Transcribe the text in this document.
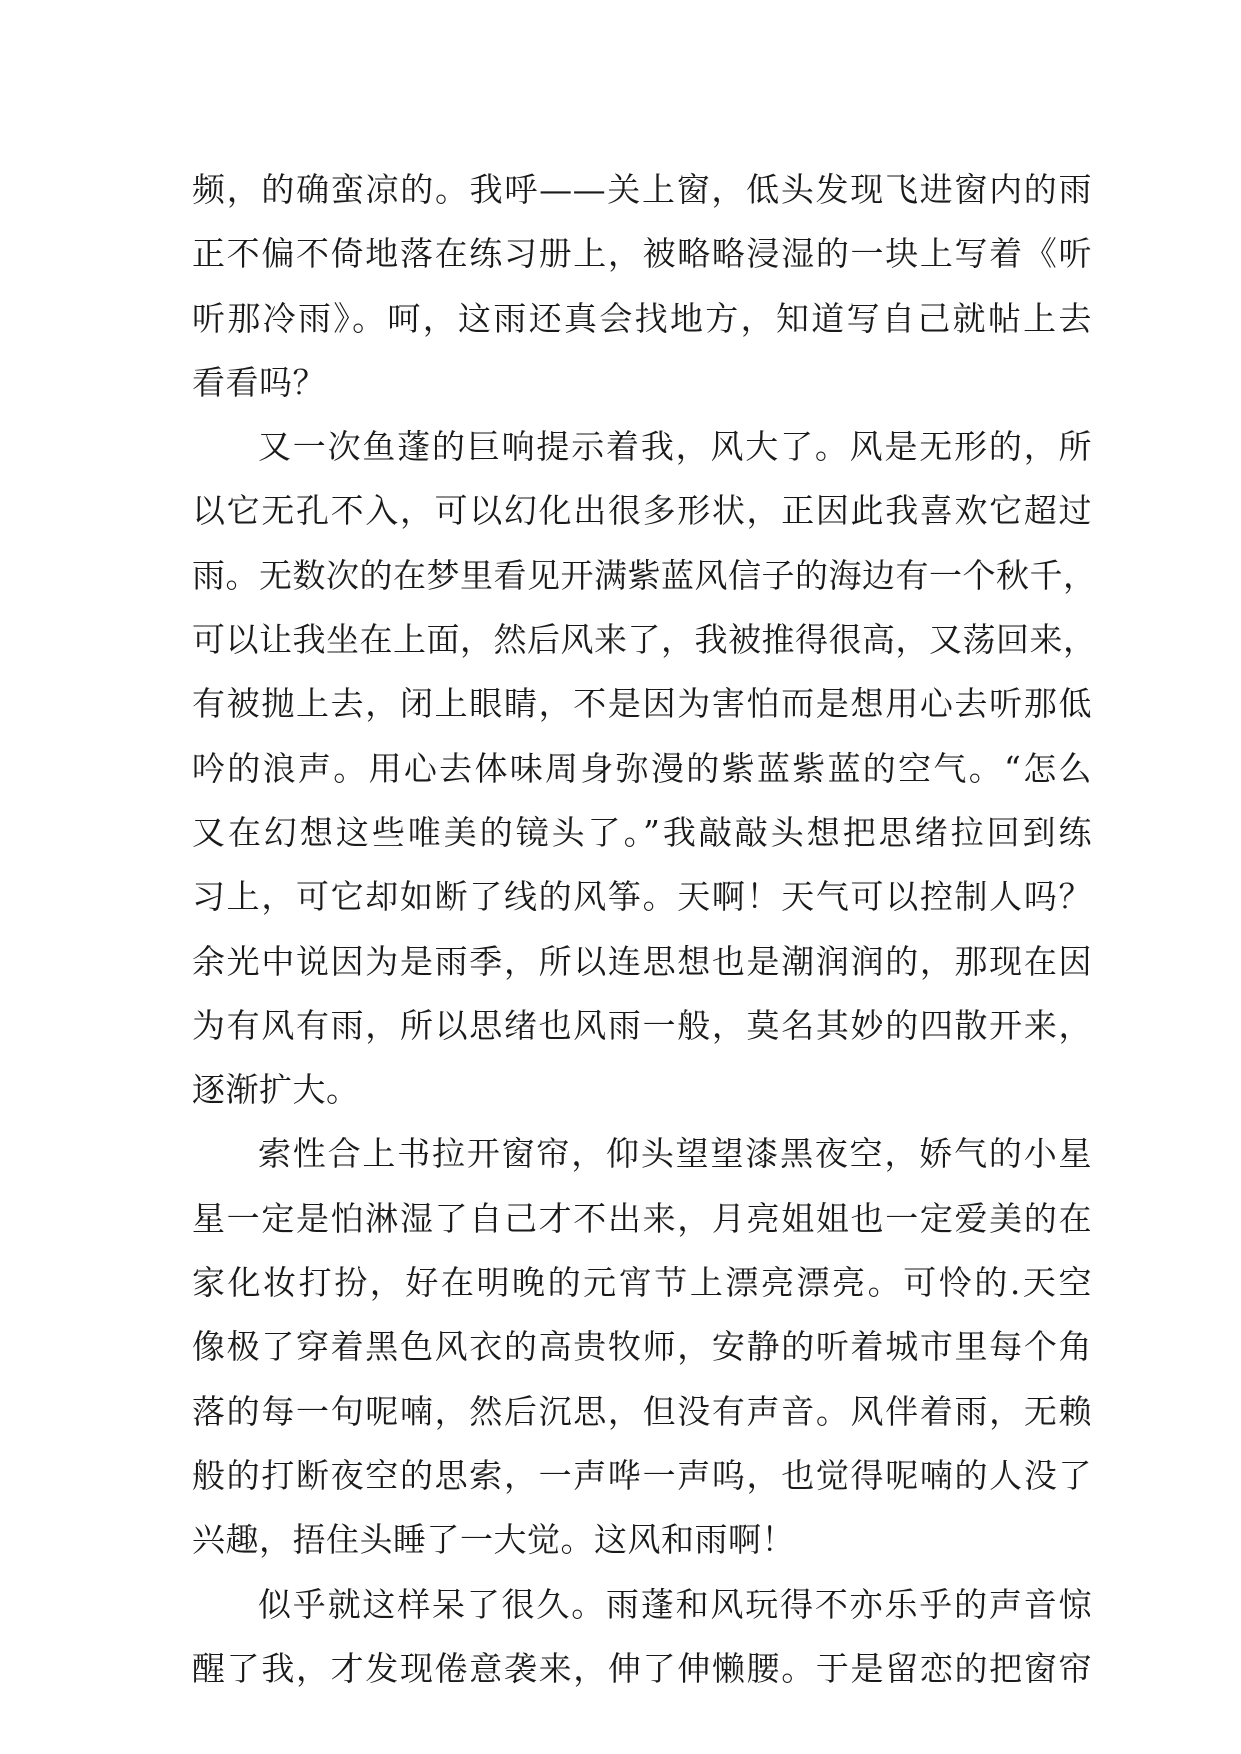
频，的确蛮凉的。我呼——关上窗，低头发现飞进窗内的雨
正不偏不倚地落在练习册上，被略略浸湿的一块上写着《听
听那冷雨》。呵，这雨还真会找地方，知道写自己就帖上去
看看吗？
又一次鱼蓬的巨响提示着我，风大了。风是无形的，所
以它无孔不入，可以幻化出很多形状，正因此我喜欢它超过
雨。无数次的在梦里看见开满紫蓝风信子的海边有一个秋千，
可以让我坐在上面，然后风来了，我被推得很高，又荡回来，
有被抛上去，闭上眼睛，不是因为害怕而是想用心去听那低
吟的浪声。用心去体味周身弥漫的紫蓝紫蓝的空气。“怎么
又在幻想这些唯美的镜头了。”我敲敲头想把思绪拉回到练
习上，可它却如断了线的风筝。天啊！天气可以控制人吗？
余光中说因为是雨季，所以连思想也是潮润润的，那现在因
为有风有雨，所以思绪也风雨一般，莫名其妙的四散开来，
逐渐扩大。
索性合上书拉开窗帘，仰头望望漆黑夜空，娇气的小星
星一定是怕淋湿了自己才不出来，月亮姐姐也一定爱美的在
家化妆打扮，好在明晚的元宵节上漂亮漂亮。可怜的.天空
像极了穿着黑色风衣的高贵牧师，安静的听着城市里每个角
落的每一句呢喃，然后沉思，但没有声音。风伴着雨，无赖
般的打断夜空的思索，一声哗一声呜，也觉得呢喃的人没了
兴趣，捂住头睡了一大觉。这风和雨啊！
似乎就这样呆了很久。雨蓬和风玩得不亦乐乎的声音惊
醒了我，才发现倦意袭来，伸了伸懒腰。于是留恋的把窗帘
